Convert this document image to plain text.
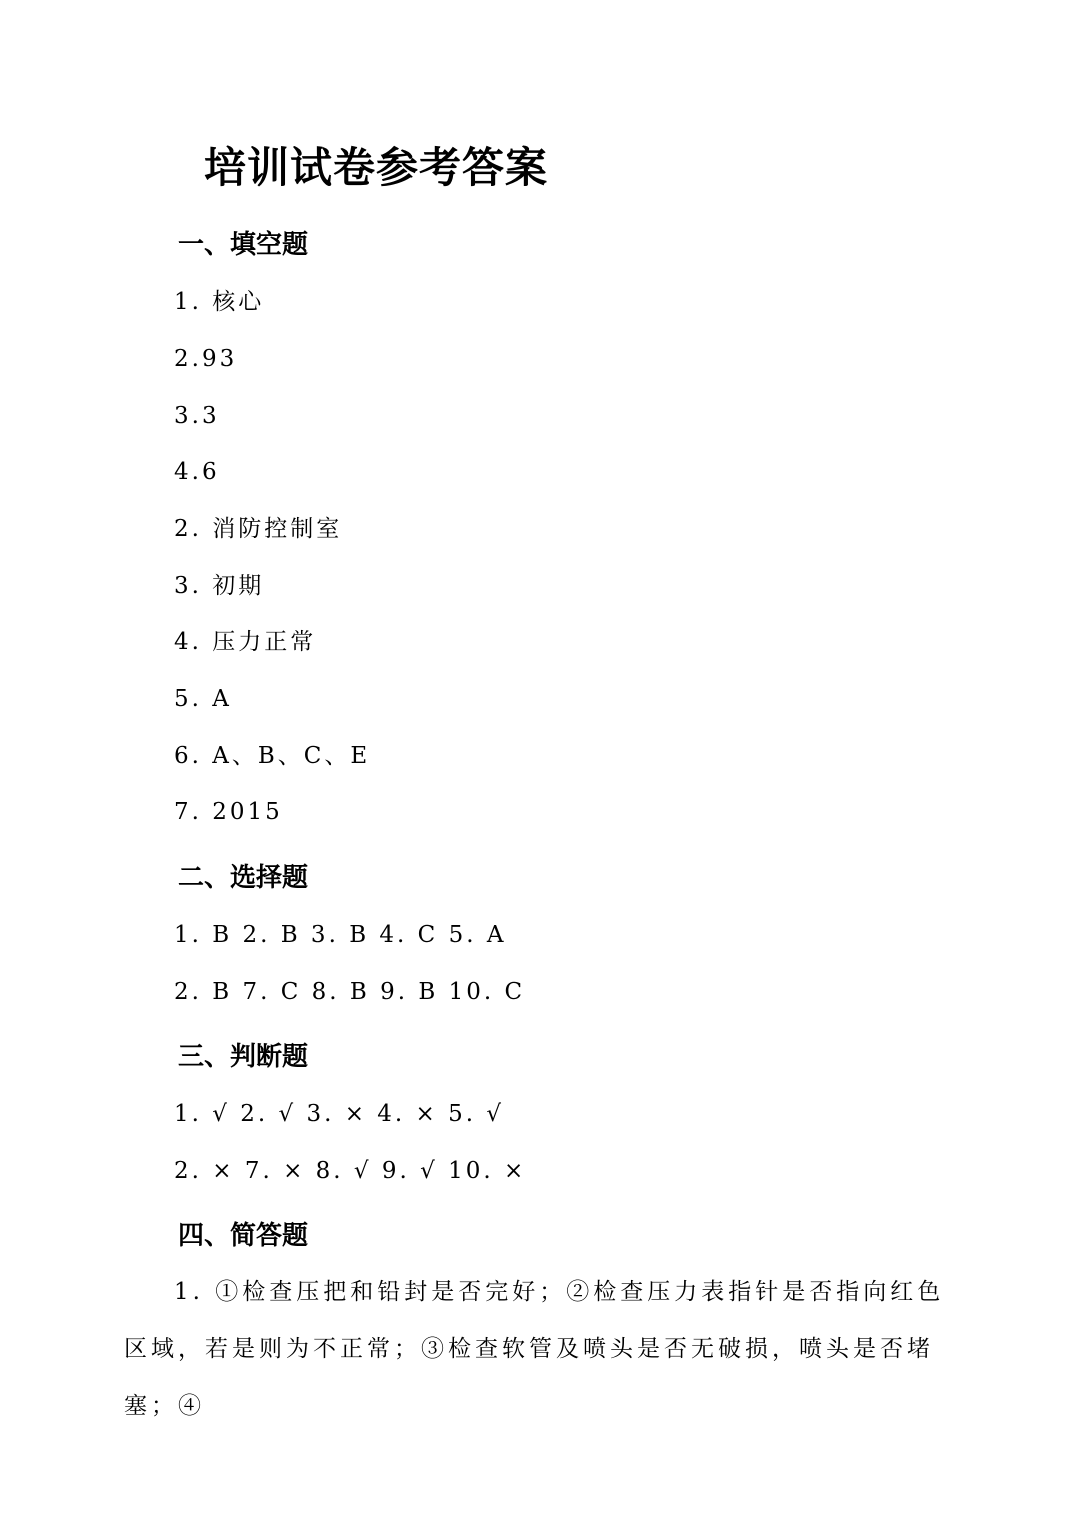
培训试卷参考答案
一、填空题

1. 核心

2.93

3.3

4.6

2. 消防控制室

3. 初期

4. 压力正常

5. A

6. A、B、C、E

7. 2015

二、选择题

1. B 2. B 3. B 4. C 5. A

2. B 7. C 8. B 9. B 10. C

三、判断题

1. √ 2. √ 3. × 4. × 5. √

2. × 7. × 8. √ 9. √ 10. ×

四、简答题

1. ①检查压把和铅封是否完好；②检查压力表指针是否指向红色区域，若是则为不正常；③检查软管及喷头是否无破损，喷头是否堵塞；④
